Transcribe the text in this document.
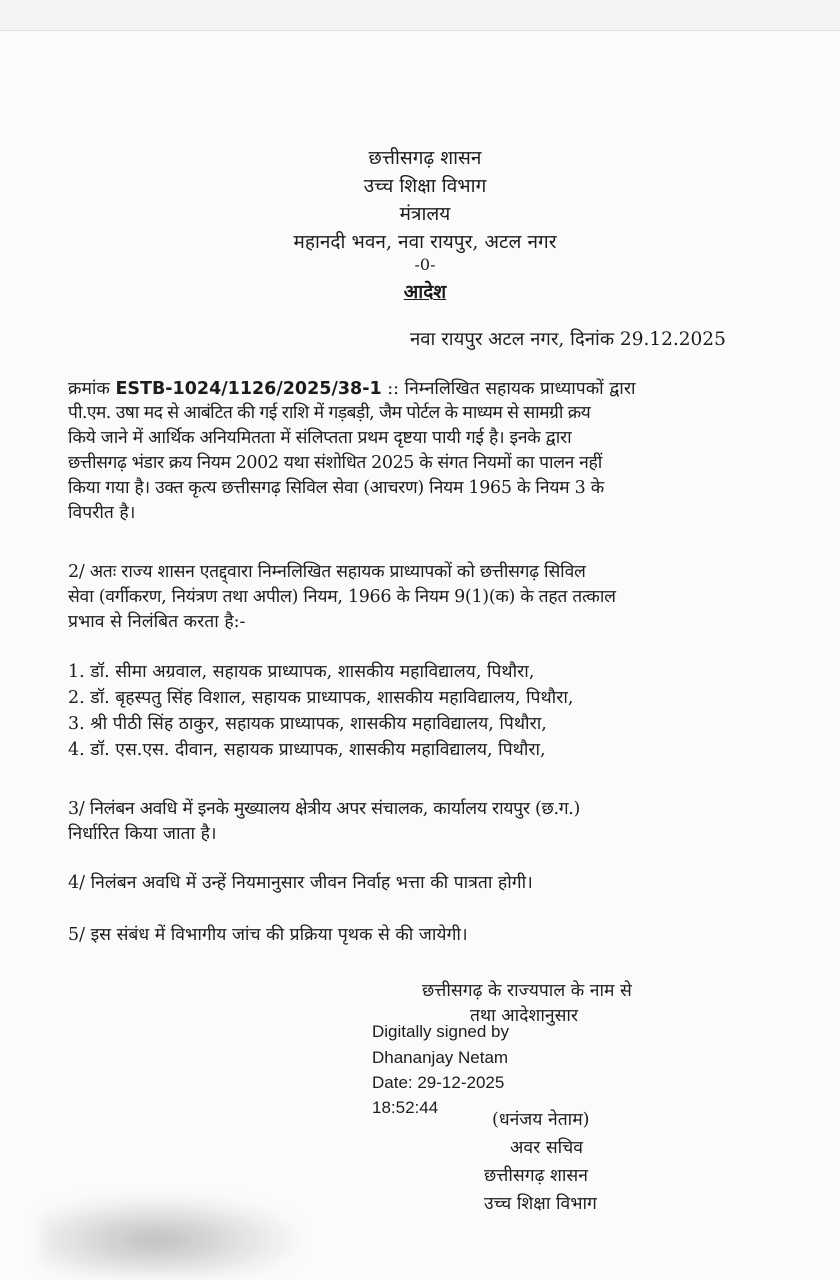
छत्तीसगढ़ शासन
उच्च शिक्षा विभाग
मंत्रालय
महानदी भवन, नवा रायपुर, अटल नगर
-0-
आदेश
नवा रायपुर अटल नगर, दिनांक 29.12.2025
क्रमांक ESTB-1024/1126/2025/38-1 :: निम्नलिखित सहायक प्राध्यापकों द्वारा
पी.एम. उषा मद से आबंटित की गई राशि में गड़बड़ी, जैम पोर्टल के माध्यम से सामग्री क्रय
किये जाने में आर्थिक अनियमितता में संलिप्तता प्रथम दृष्टया पायी गई है। इनके द्वारा
छत्तीसगढ़ भंडार क्रय नियम 2002 यथा संशोधित 2025 के संगत नियमों का पालन नहीं
किया गया है। उक्त कृत्य छत्तीसगढ़ सिविल सेवा (आचरण) नियम 1965 के नियम 3 के
विपरीत है।
2/ अतः राज्य शासन एतद्द्वारा निम्नलिखित सहायक प्राध्यापकों को छत्तीसगढ़ सिविल
सेवा (वर्गीकरण, नियंत्रण तथा अपील) नियम, 1966 के नियम 9(1)(क) के तहत तत्काल
प्रभाव से निलंबित करता है:-
1. डॉ. सीमा अग्रवाल, सहायक प्राध्यापक, शासकीय महाविद्यालय, पिथौरा,
2. डॉ. बृहस्पतु सिंह विशाल, सहायक प्राध्यापक, शासकीय महाविद्यालय, पिथौरा,
3. श्री पीठी सिंह ठाकुर, सहायक प्राध्यापक, शासकीय महाविद्यालय, पिथौरा,
4. डॉ. एस.एस. दीवान, सहायक प्राध्यापक, शासकीय महाविद्यालय, पिथौरा,
3/ निलंबन अवधि में इनके मुख्यालय क्षेत्रीय अपर संचालक, कार्यालय रायपुर (छ.ग.)
निर्धारित किया जाता है।
4/ निलंबन अवधि में उन्हें नियमानुसार जीवन निर्वाह भत्ता की पात्रता होगी।
5/ इस संबंध में विभागीय जांच की प्रक्रिया पृथक से की जायेगी।
छत्तीसगढ़ के राज्यपाल के नाम से
तथा आदेशानुसार
Digitally signed by
Dhananjay Netam
Date: 29-12-2025
18:52:44
(धनंजय नेताम)
अवर सचिव
छत्तीसगढ़ शासन
उच्च शिक्षा विभाग
